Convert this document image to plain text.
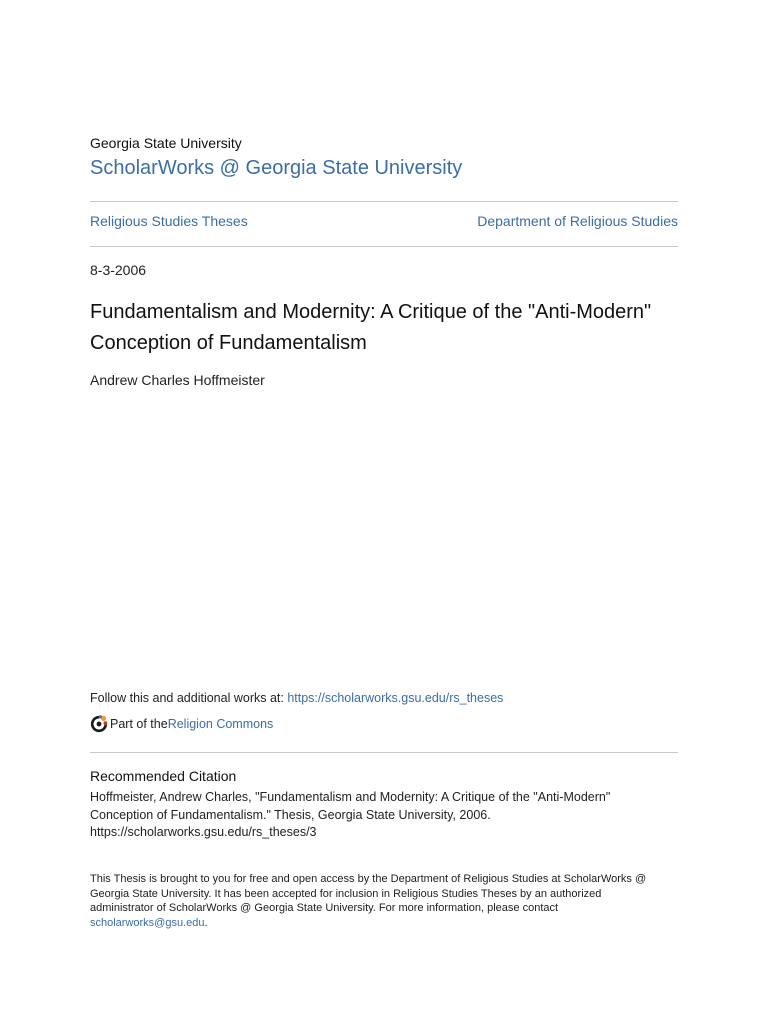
Georgia State University
ScholarWorks @ Georgia State University
Religious Studies Theses	Department of Religious Studies
8-3-2006
Fundamentalism and Modernity: A Critique of the "Anti-Modern" Conception of Fundamentalism
Andrew Charles Hoffmeister
Follow this and additional works at: https://scholarworks.gsu.edu/rs_theses
Part of the Religion Commons
Recommended Citation
Hoffmeister, Andrew Charles, "Fundamentalism and Modernity: A Critique of the "Anti-Modern"
Conception of Fundamentalism." Thesis, Georgia State University, 2006.
https://scholarworks.gsu.edu/rs_theses/3
This Thesis is brought to you for free and open access by the Department of Religious Studies at ScholarWorks @
Georgia State University. It has been accepted for inclusion in Religious Studies Theses by an authorized
administrator of ScholarWorks @ Georgia State University. For more information, please contact
scholarworks@gsu.edu.
